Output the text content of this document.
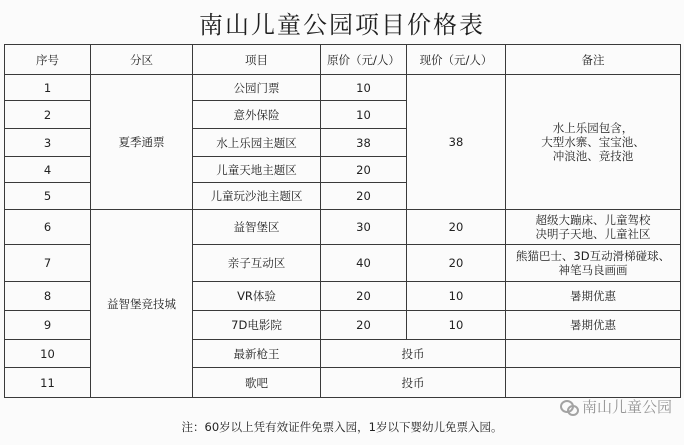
南山儿童公园项目价格表
序号	分区	项目	原价（元/人）	现价（元/人）	备注
1	夏季通票	公园门票	10	38	水上乐园包含，
大型水寨、宝宝池、
冲浪池、竞技池
2		意外保险	10		
3		水上乐园主题区	38		
4		儿童天地主题区	20		
5		儿童玩沙池主题区	20		
6	益智堡竞技城	益智堡区	30	20	超级大蹦床、儿童驾校
决明子天地、儿童社区
7		亲子互动区	40	20	熊猫巴士、3D互动滑梯碰球、
神笔马良画画
8		VR体验	20	10	暑期优惠
9		7D电影院	20	10	暑期优惠
10		最新枪王	投币		
11		歌吧	投币		
南山儿童公园
注：60岁以上凭有效证件免票入园，1岁以下婴幼儿免票入园。
